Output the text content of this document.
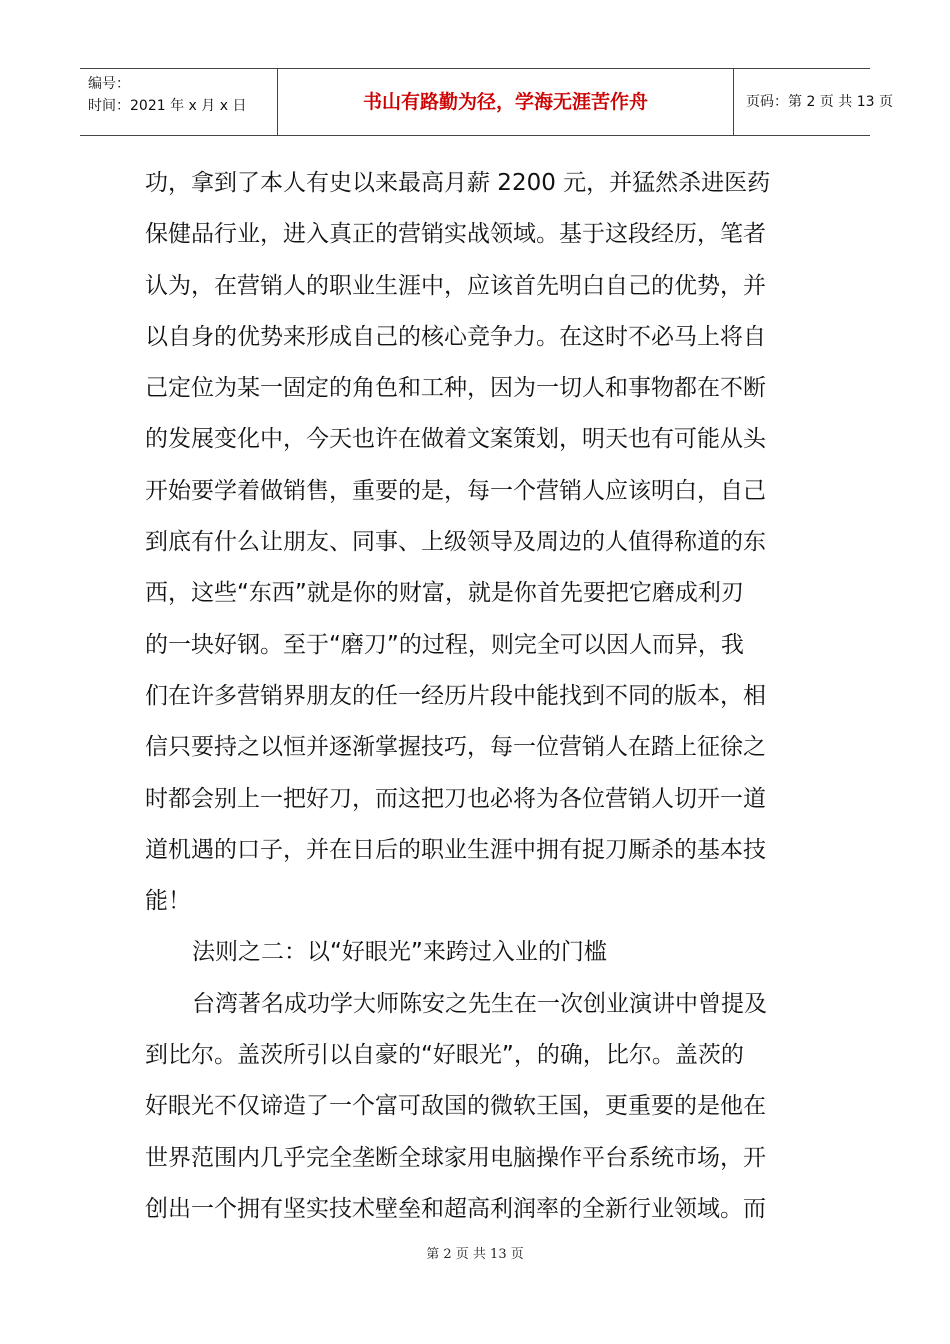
编号：
时间：2021 年 x 月 x 日	书山有路勤为径，学海无涯苦作舟	页码：第 2 页 共 13 页
功，拿到了本人有史以来最高月薪 2200 元，并猛然杀进医药
保健品行业，进入真正的营销实战领域。基于这段经历，笔者
认为，在营销人的职业生涯中，应该首先明白自己的优势，并
以自身的优势来形成自己的核心竞争力。在这时不必马上将自
己定位为某一固定的角色和工种，因为一切人和事物都在不断
的发展变化中，今天也许在做着文案策划，明天也有可能从头
开始要学着做销售，重要的是，每一个营销人应该明白，自己
到底有什么让朋友、同事、上级领导及周边的人值得称道的东
西，这些“东西”就是你的财富，就是你首先要把它磨成利刃
的一块好钢。至于“磨刀”的过程，则完全可以因人而异，我
们在许多营销界朋友的任一经历片段中能找到不同的版本，相
信只要持之以恒并逐渐掌握技巧，每一位营销人在踏上征徐之
时都会别上一把好刀，而这把刀也必将为各位营销人切开一道
道机遇的口子，并在日后的职业生涯中拥有捉刀厮杀的基本技
能！
法则之二：以“好眼光”来跨过入业的门槛
台湾著名成功学大师陈安之先生在一次创业演讲中曾提及
到比尔。盖茨所引以自豪的“好眼光”，的确，比尔。盖茨的
好眼光不仅谛造了一个富可敌国的微软王国，更重要的是他在
世界范围内几乎完全垄断全球家用电脑操作平台系统市场，开
创出一个拥有坚实技术壁垒和超高利润率的全新行业领域。而
第 2 页 共 13 页
